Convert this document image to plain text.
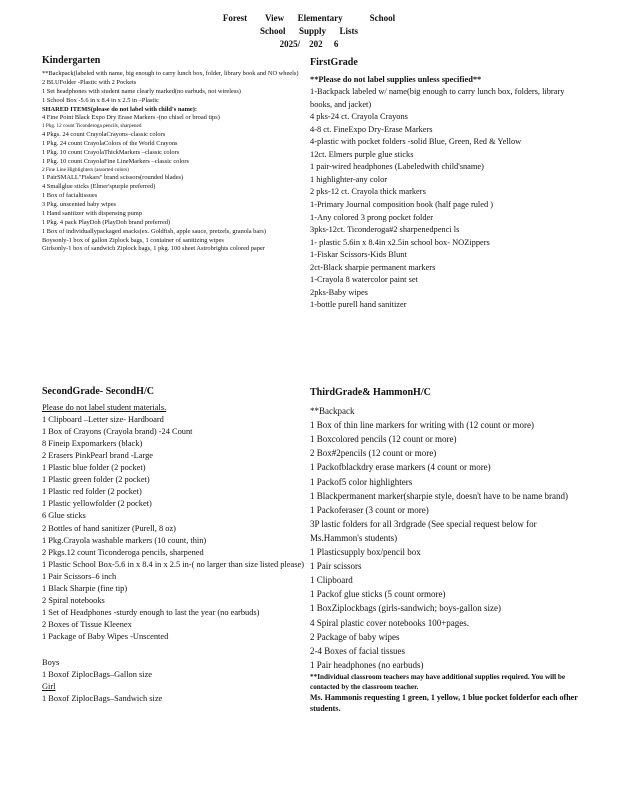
Forest        View      Elementary            School
School      Supply      Lists
2025/    202     6
Kindergarten
**Backpack(labeled with name, big enough to carry lunch box, folder, library book and NO wheels)
2 BLUFolder -Plastic with 2 Pockets
1 Set headphones with student name clearly marked(no earbuds, not wireless)
1 School Box -5.6 in x 8.4 in x 2.5 in –Plastic
SHARED ITEMS(please do not label with child's name):
4 Fine Point Black Expo Dry Erase Markers -(no chisel or broad tips)
1 Pkg. 12 count Ticonderoga pencils, sharpened
4 Pkgs. 24 count CrayolaCrayons–classic colors
1 Pkg. 24 count CrayolaColors of the World Crayons
1 Pkg. 10 count CrayolaThickMarkers –classic colors
1 Pkg. 10 count CrayolaFine LineMarkers –classic colors
2 Fine Line Highlighters (assorted colors)
1 PairSMALL"Fiskars" brand scissors(rounded blades)
4 Smallglue sticks (Elmer'spurple preferred)
1 Box of facialtissues
3 Pkg. unscented baby wipes
1 Hand sanitizer with dispensing pump
1 Pkg. 4 pack PlayDoh (PlayDoh brand preferred)
1 Box of individuallypackaged snacks(ex. Goldfish, apple sauce, pretzels, granola bars)
Boysonly-1 box of gallon Ziplock bags, 1 container of sanitizing wipes
Girlsonly-1 box of sandwich Ziplock bags, 1 pkg. 100 sheet Astrobrights colored paper
FirstGrade
**Please do not label supplies unless specified**
1-Backpack labeled w/ name(big enough to carry lunch box, folders, library books, and jacket)
4 pks-24 ct. Crayola Crayons
4-8 ct. FineExpo Dry-Erase Markers
4-plastic with pocket folders -solid Blue, Green, Red & Yellow
12ct. Elmers purple glue sticks
1 pair-wired headphones (Labeledwith child'sname)
1 highlighter-any color
2 pks-12 ct. Crayola thick markers
1-Primary Journal composition book (half page ruled )
1-Any colored 3 prong pocket folder
3pks-12ct. Ticonderoga#2 sharpenedpenci ls
1- plastic 5.6in x 8.4in x2.5in school box- NOZippers
1-Fiskar Scissors-Kids Blunt
2ct-Black sharpie permanent markers
1-Crayola 8 watercolor paint set
2pks-Baby wipes
1-bottle purell hand sanitizer
SecondGrade- SecondH/C
Please do not label student materials.
1 Clipboard –Letter size- Hardboard
1 Box of Crayons (Crayola brand) -24 Count
8 Fineip Expomarkers (black)
2 Erasers PinkPearl brand -Large
1 Plastic blue folder (2 pocket)
1 Plastic green folder (2 pocket)
1 Plastic red folder (2 pocket)
1 Plastic yellowfolder (2 pocket)
6 Glue sticks
2 Bottles of hand sanitizer (Purell, 8 oz)
1 Pkg.Crayola washable markers (10 count, thin)
2 Pkgs.12 count Ticonderoga pencils, sharpened
1 Plastic School Box-5.6 in x 8.4 in x 2.5 in-( no larger than size listed please)
1 Pair Scissors–6 inch
1 Black Sharpie (fine tip)
2 Spiral notebooks
1 Set of Headphones -sturdy enough to last the year (no earbuds)
2 Boxes of Tissue Kleenex
1 Package of Baby Wipes -Unscented
Boys
1 Boxof ZiplocBags–Gallon size
Girl
1 Boxof ZiplocBags–Sandwich size
ThirdGrade& HammonH/C
**Backpack
1 Box of thin line markers for writing with (12 count or more)
1 Boxcolored pencils (12 count or more)
2 Box#2pencils (12 count or more)
1 Packofblackdry erase markers (4 count or more)
1 Packof5 color highlighters
1 Blackpermanent marker(sharpie style, doesn't have to be name brand)
1 Packoferaser (3 count or more)
3P lastic folders for all 3rdgrade (See special request below for Ms.Hammon's students)
1 Plasticsupply box/pencil box
1 Pair scissors
1 Clipboard
1 Packof glue sticks (5 count ormore)
1 BoxZiplockbags (girls-sandwich; boys-gallon size)
4 Spiral plastic cover notebooks 100+pages.
2 Package of baby wipes
2-4 Boxes of facial tissues
1 Pair headphones (no earbuds)
**Individual classroom teachers may have additional supplies required. You will be contacted by the classroom teacher.
Ms. Hammonis requesting 1 green, 1 yellow, 1 blue pocket folderfor each ofher students.
